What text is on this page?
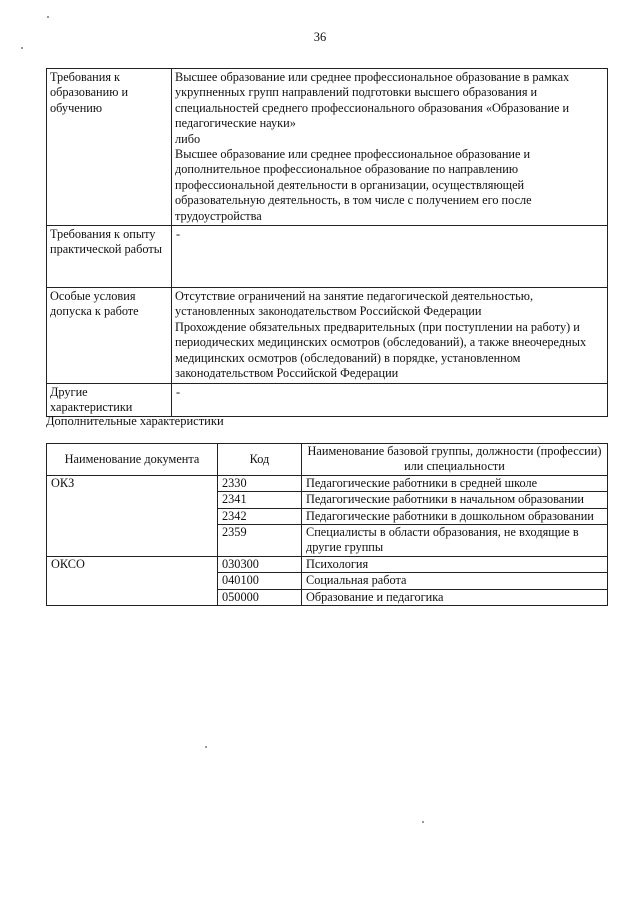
36
Требования к образованию и обучению	Высшее образование или среднее профессиональное образование в рамках укрупненных групп направлений подготовки высшего образования и специальностей среднего профессионального образования «Образование и педагогические науки»
либо
Высшее образование или среднее профессиональное образование и дополнительное профессиональное образование по направлению профессиональной деятельности в организации, осуществляющей образовательную деятельность, в том числе с получением его после трудоустройства

Требования к опыту практической работы	-
Особые условия допуска к работе	Отсутствие ограничений на занятие педагогической деятельностью, установленных законодательством Российской Федерации
Прохождение обязательных предварительных (при поступлении на работу) и периодических медицинских осмотров (обследований), а также внеочередных медицинских осмотров (обследований) в порядке, установленном законодательством Российской Федерации

Другие характеристики	-
Дополнительные характеристики
Наименование документа	Код	Наименование базовой группы, должности (профессии) или специальности
ОКЗ	2330	Педагогические работники в средней школе
	2341	Педагогические работники в начальном образовании
	2342	Педагогические работники в дошкольном образовании
	2359	Специалисты в области образования, не входящие в другие группы
ОКСО	030300	Психология
	040100	Социальная работа
	050000	Образование и педагогика
